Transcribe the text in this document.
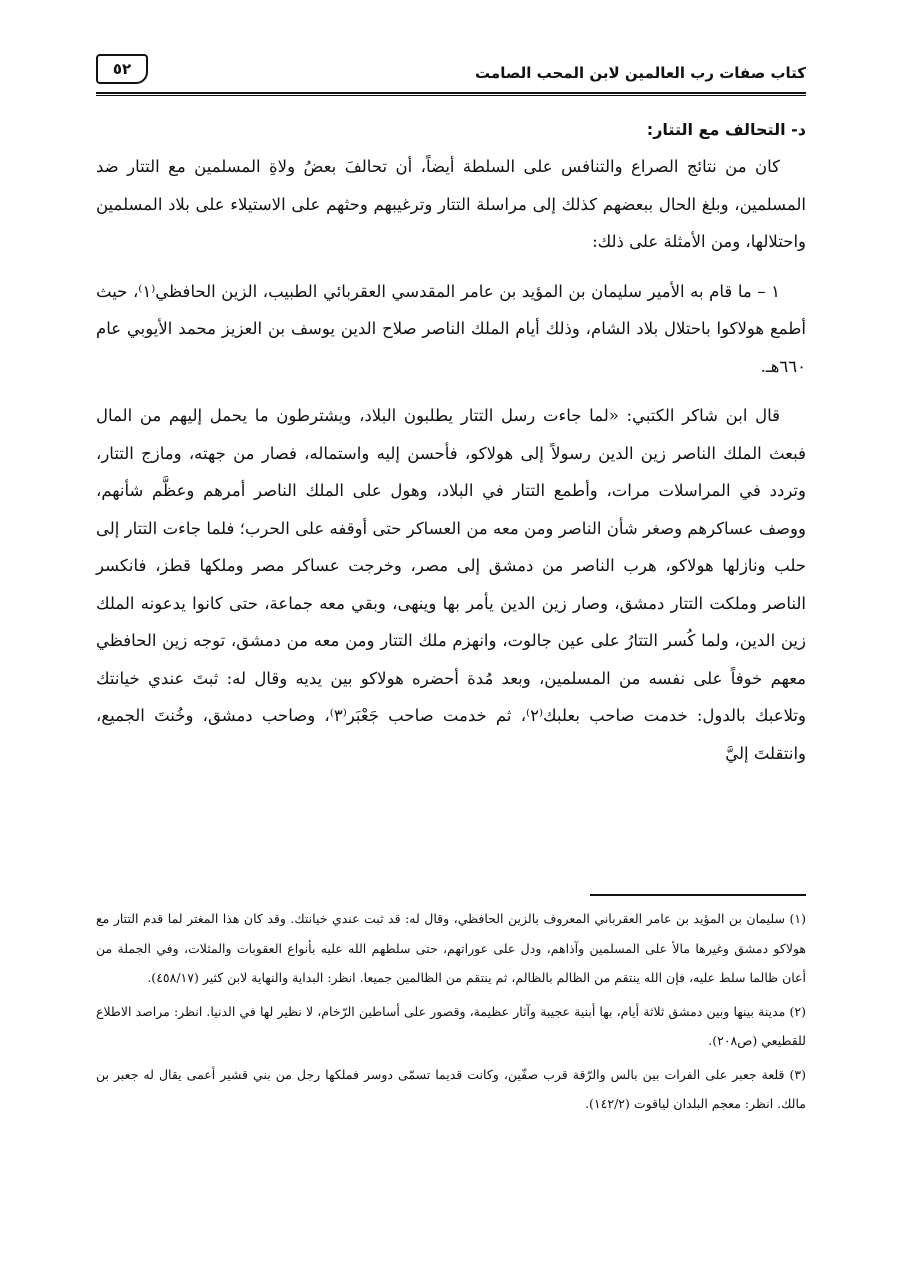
كتاب صفات رب العالمين لابن المحب الصامت
٥٢

د- التحالف مع التتار:

كان من نتائج الصراع والتنافس على السلطة أيضاً، أن تحالفَ بعضُ ولاةِ المسلمين مع التتار ضد المسلمين، وبلغ الحال ببعضهم كذلك إلى مراسلة التتار وترغيبهم وحثهم على الاستيلاء على بلاد المسلمين واحتلالها، ومن الأمثلة على ذلك:

١ – ما قام به الأمير سليمان بن المؤيد بن عامر المقدسي العقربائي الطبيب، الزين الحافظي⁽١⁾، حيث أطمع هولاكوا باحتلال بلاد الشام، وذلك أيام الملك الناصر صلاح الدين يوسف بن العزيز محمد الأيوبي عام ٦٦٠هـ.

قال ابن شاكر الكتبي: «لما جاءت رسل التتار يطلبون البلاد، ويشترطون ما يحمل إليهم من المال فبعث الملك الناصر زين الدين رسولاً إلى هولاكو، فأحسن إليه واستماله، فصار من جهته، ومازج التتار، وتردد في المراسلات مرات، وأطمع التتار في البلاد، وهول على الملك الناصر أمرهم وعظَّم شأنهم، ووصف عساكرهم وصغر شأن الناصر ومن معه من العساكر حتى أوقفه على الحرب؛ فلما جاءت التتار إلى حلب ونازلها هولاكو، هرب الناصر من دمشق إلى مصر، وخرجت عساكر مصر وملكها قطز، فانكسر الناصر وملكت التتار دمشق، وصار زين الدين يأمر بها وينهى، وبقي معه جماعة، حتى كانوا يدعونه الملك زين الدين، ولما كُسر التتارُ على عين جالوت، وانهزم ملك التتار ومن معه من دمشق، توجه زين الحافظي معهم خوفاً على نفسه من المسلمين، وبعد مُدة أحضره هولاكو بين يديه وقال له: ثبتَ عندي خيانتك وتلاعبك بالدول: خدمت صاحب بعلبك⁽٢⁾، ثم خدمت صاحب جَعْبَر⁽٣⁾، وصاحب دمشق، وخُنتَ الجميع، وانتقلتَ إليَّ

(١) سليمان بن المؤيد بن عامر العقرباني المعروف بالزين الحافظي، وقال له: قد ثبت عندي خيانتك. وقد كان هذا المغتر لما قدم التتار مع هولاكو دمشق وغيرها مالأ على المسلمين وآذاهم، ودل على عوراتهم، حتى سلطهم الله عليه بأنواع العقوبات والمثلات، وفي الجملة من أعان ظالما سلط عليه، فإن الله ينتقم من الظالم بالظالم، ثم ينتقم من الظالمين جميعا. انظر: البداية والنهاية لابن كثير (٤٥٨/١٧).

(٢) مدينة بينها وبين دمشق ثلاثة أيام، بها أبنية عجيبة وآثار عظيمة، وقصور على أساطين الرّخام، لا نظير لها في الدنيا. انظر: مراصد الاطلاع للقطيعي (ص٢٠٨).

(٣) قلعة جعبر على الفرات بين بالس والرّقة قرب صفّين، وكانت قديما تسمّى دوسر فملكها رجل من بني قشير أعمى يقال له جعبر بن مالك. انظر: معجم البلدان لياقوت (١٤٢/٢).
